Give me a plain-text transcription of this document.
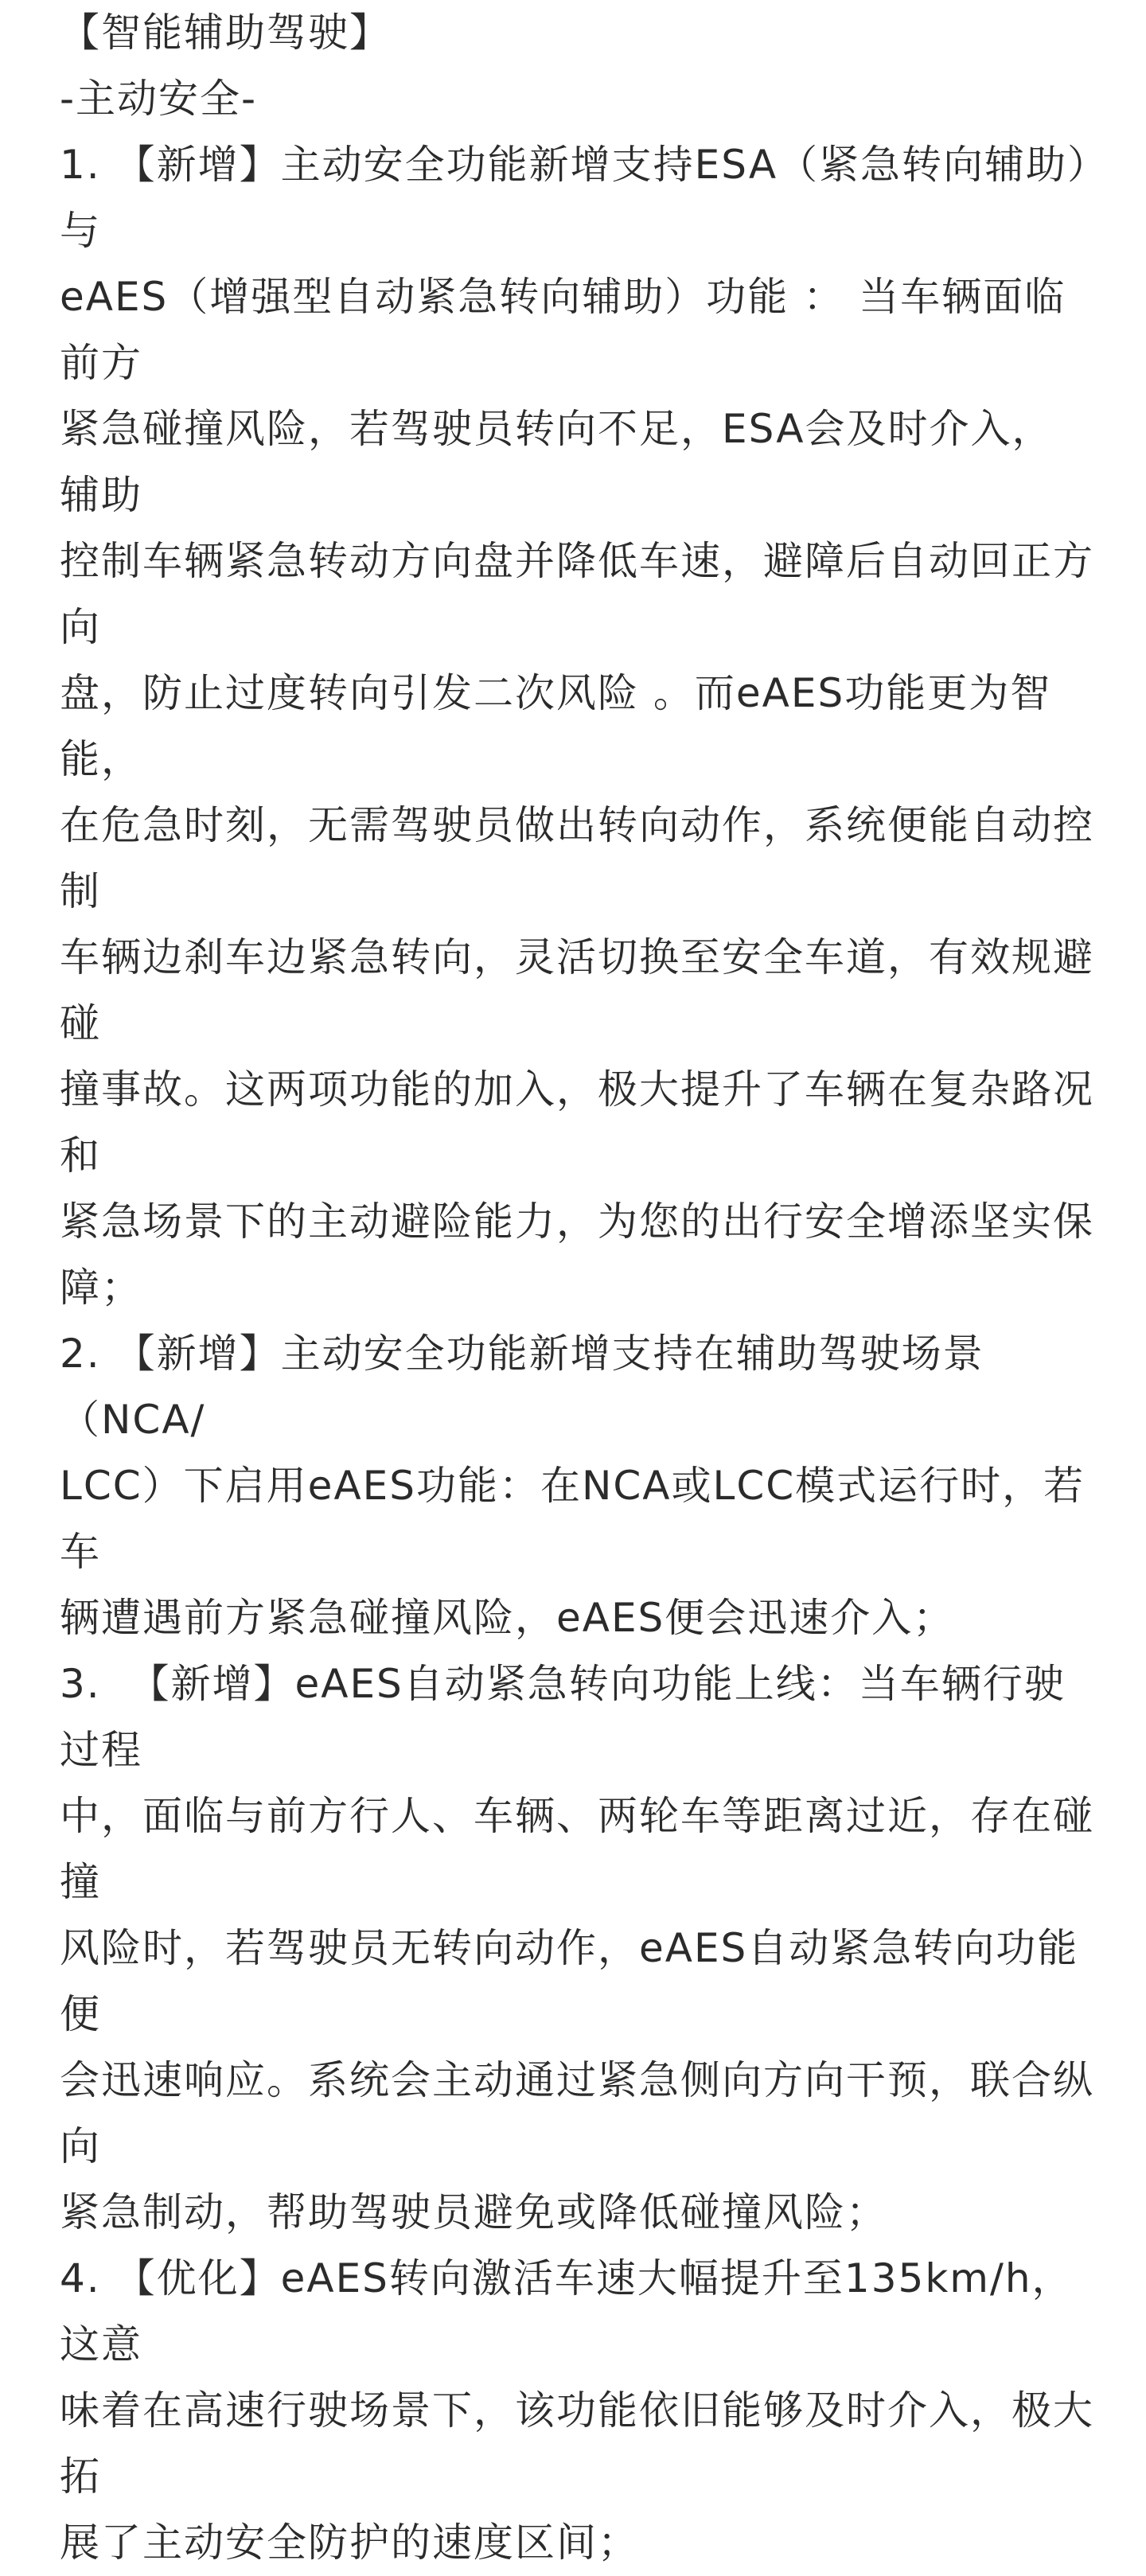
【智能辅助驾驶】

-主动安全-

1. 【新增】主动安全功能新增支持ESA（紧急转向辅助）与

eAES（增强型自动紧急转向辅助）功能 ： 当车辆面临前方

紧急碰撞风险，若驾驶员转向不足，ESA会及时介入，辅助

控制车辆紧急转动方向盘并降低车速，避障后自动回正方向

盘，防止过度转向引发二次风险 。而eAES功能更为智能，

在危急时刻，无需驾驶员做出转向动作，系统便能自动控制

车辆边刹车边紧急转向，灵活切换至安全车道，有效规避碰

撞事故。这两项功能的加入，极大提升了车辆在复杂路况和

紧急场景下的主动避险能力，为您的出行安全增添坚实保

障；

2. 【新增】主动安全功能新增支持在辅助驾驶场景（NCA/

LCC）下启用eAES功能：在NCA或LCC模式运行时，若车

辆遭遇前方紧急碰撞风险，eAES便会迅速介入；

3.  【新增】eAES自动紧急转向功能上线：当车辆行驶过程

中，面临与前方行人、车辆、两轮车等距离过近，存在碰撞

风险时，若驾驶员无转向动作，eAES自动紧急转向功能便

会迅速响应。系统会主动通过紧急侧向方向干预，联合纵向

紧急制动，帮助驾驶员避免或降低碰撞风险；

4. 【优化】eAES转向激活车速大幅提升至135km/h，这意

味着在高速行驶场景下，该功能依旧能够及时介入，极大拓

展了主动安全防护的速度区间；
